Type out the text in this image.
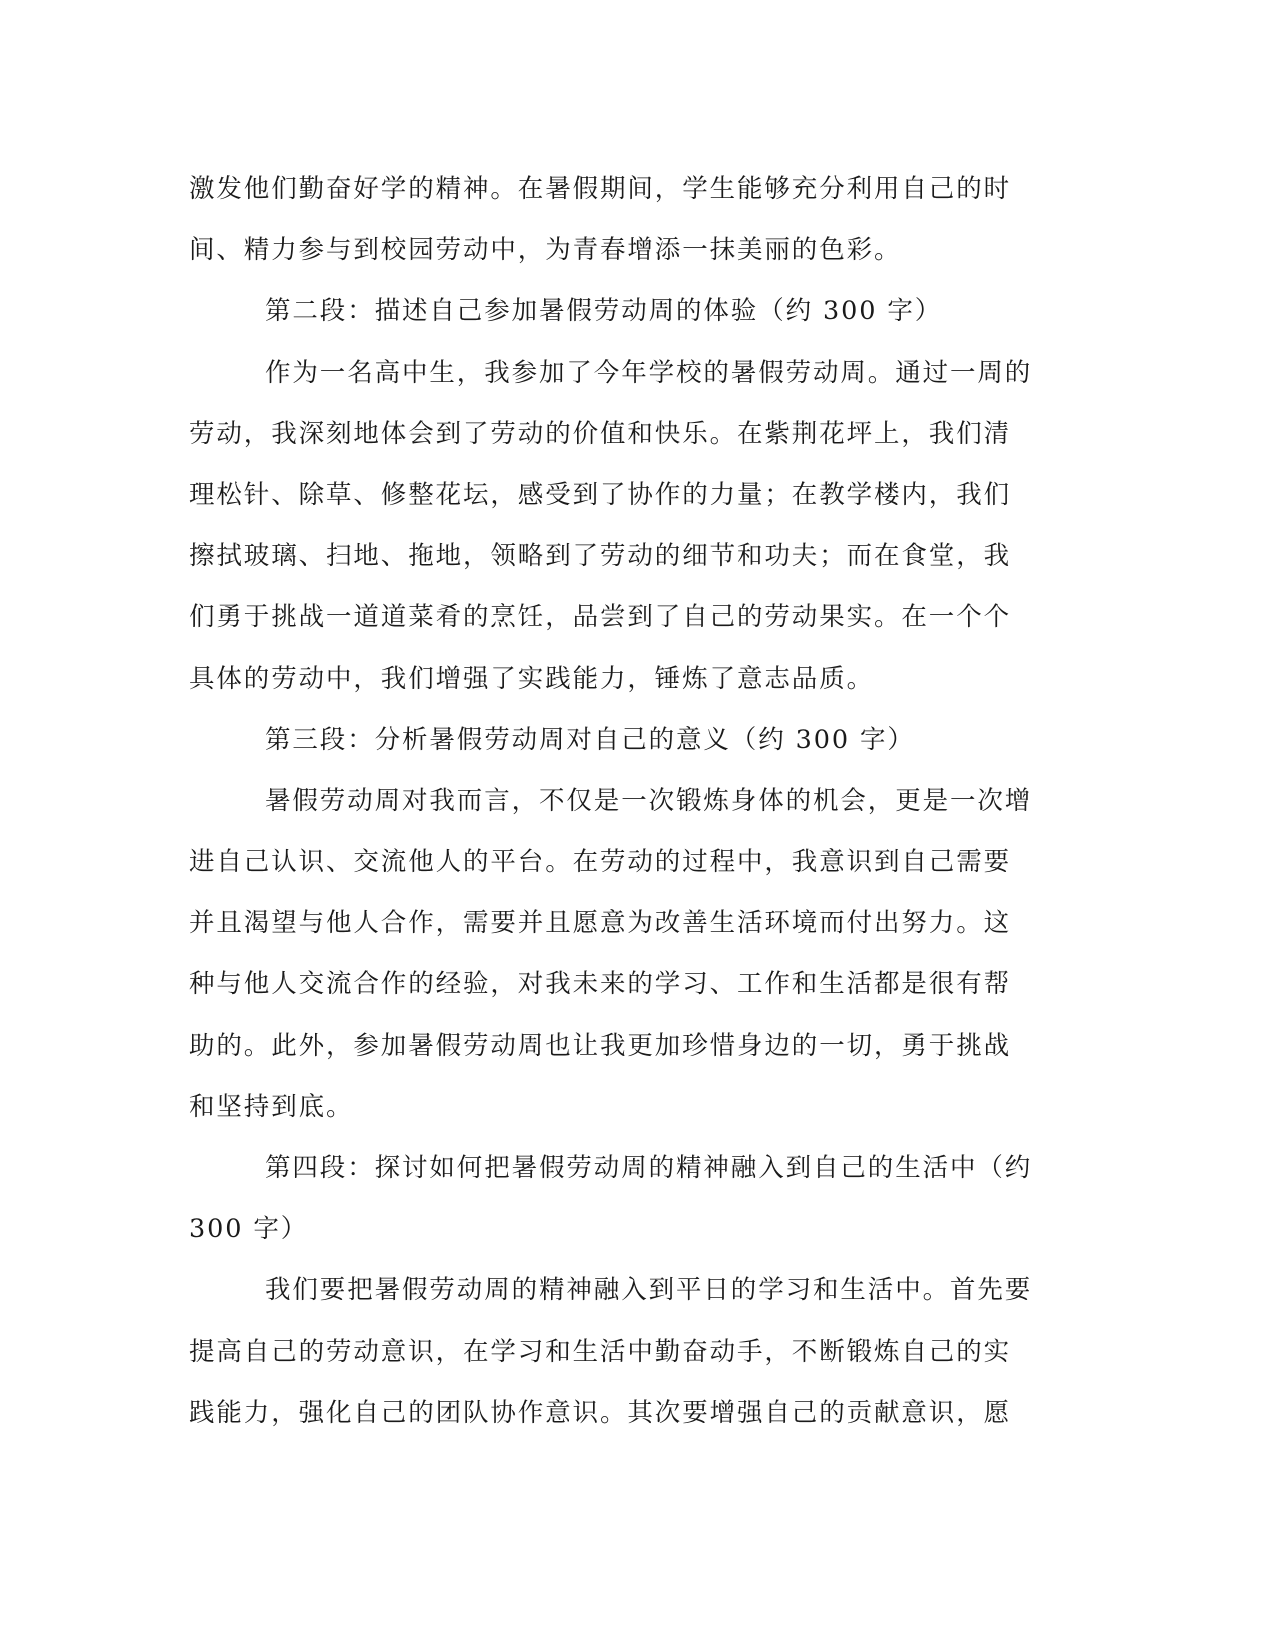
激发他们勤奋好学的精神。在暑假期间，学生能够充分利用自己的时
间、精力参与到校园劳动中，为青春增添一抹美丽的色彩。
第二段：描述自己参加暑假劳动周的体验（约 300 字）
作为一名高中生，我参加了今年学校的暑假劳动周。通过一周的
劳动，我深刻地体会到了劳动的价值和快乐。在紫荆花坪上，我们清
理松针、除草、修整花坛，感受到了协作的力量；在教学楼内，我们
擦拭玻璃、扫地、拖地，领略到了劳动的细节和功夫；而在食堂，我
们勇于挑战一道道菜肴的烹饪，品尝到了自己的劳动果实。在一个个
具体的劳动中，我们增强了实践能力，锤炼了意志品质。
第三段：分析暑假劳动周对自己的意义（约 300 字）
暑假劳动周对我而言，不仅是一次锻炼身体的机会，更是一次增
进自己认识、交流他人的平台。在劳动的过程中，我意识到自己需要
并且渴望与他人合作，需要并且愿意为改善生活环境而付出努力。这
种与他人交流合作的经验，对我未来的学习、工作和生活都是很有帮
助的。此外，参加暑假劳动周也让我更加珍惜身边的一切，勇于挑战
和坚持到底。
第四段：探讨如何把暑假劳动周的精神融入到自己的生活中（约
300 字）
我们要把暑假劳动周的精神融入到平日的学习和生活中。首先要
提高自己的劳动意识，在学习和生活中勤奋动手，不断锻炼自己的实
践能力，强化自己的团队协作意识。其次要增强自己的贡献意识，愿
